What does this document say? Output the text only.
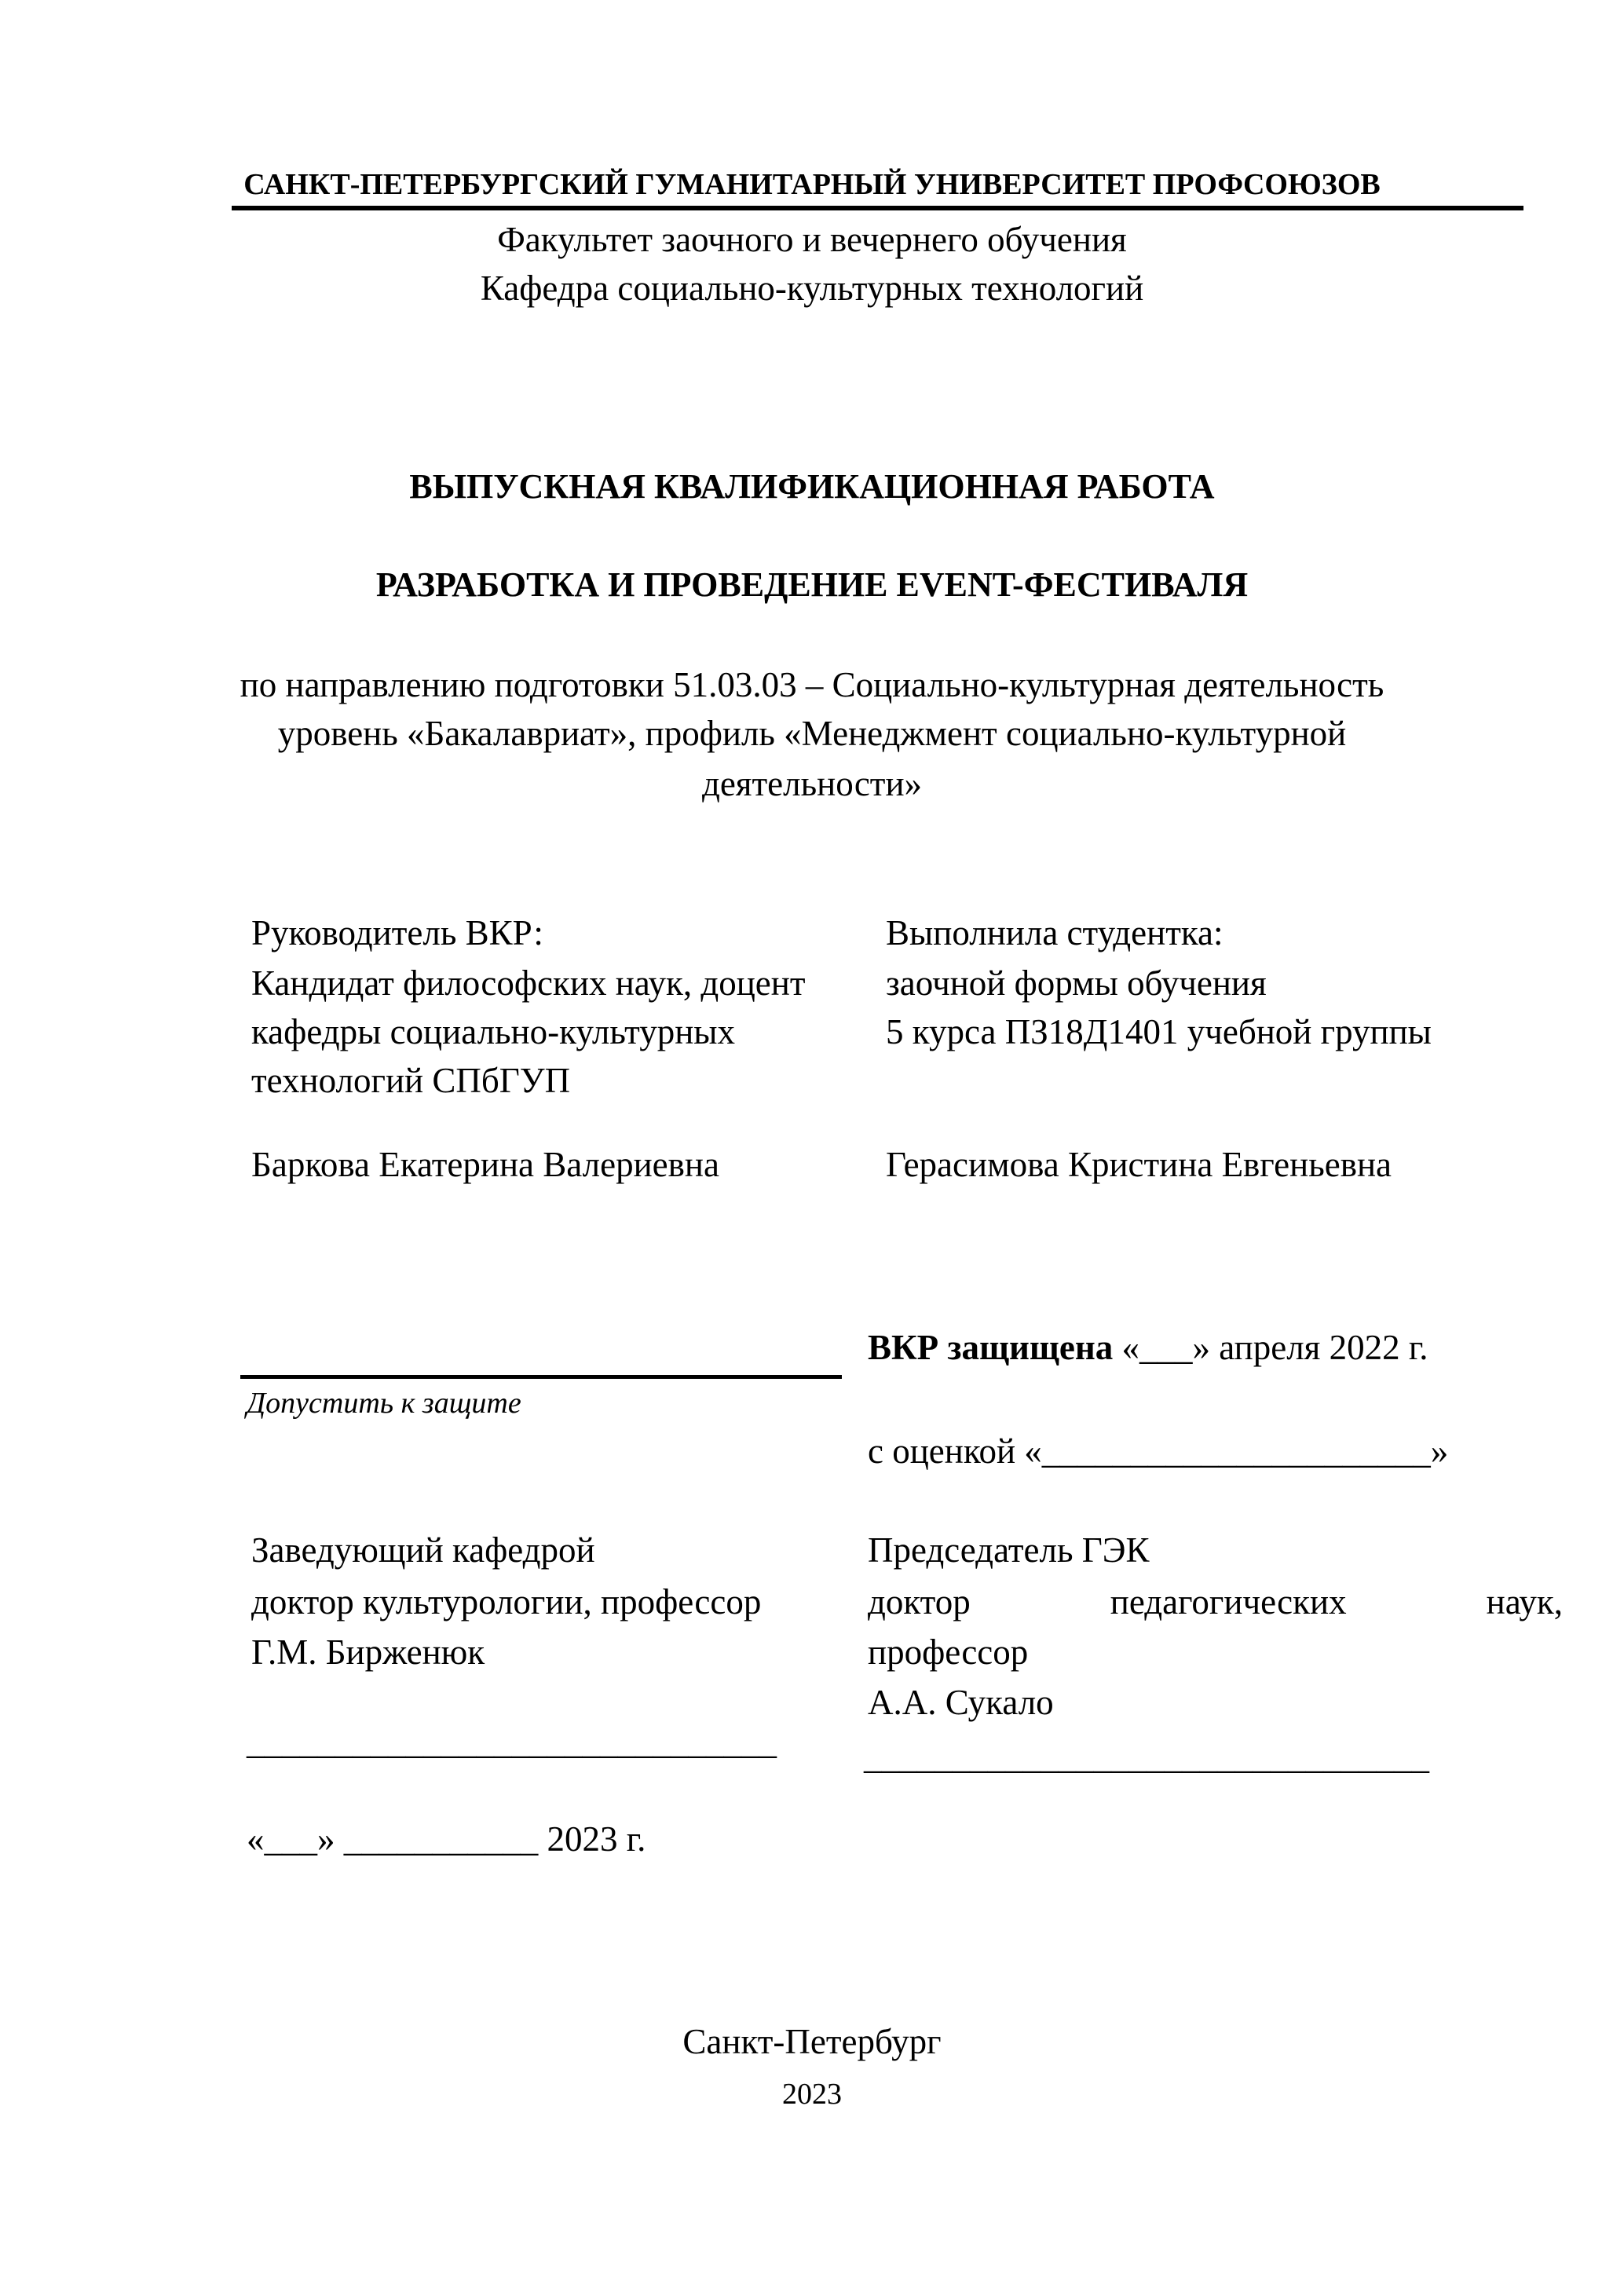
САНКТ-ПЕТЕРБУРГСКИЙ ГУМАНИТАРНЫЙ УНИВЕРСИТЕТ ПРОФСОЮЗОВ
Факультет заочного и вечернего обучения
Кафедра социально-культурных технологий
ВЫПУСКНАЯ КВАЛИФИКАЦИОННАЯ РАБОТА
РАЗРАБОТКА И ПРОВЕДЕНИЕ EVENT-ФЕСТИВАЛЯ
по направлению подготовки 51.03.03 – Социально-культурная деятельность
уровень «Бакалавриат», профиль «Менеджмент социально-культурной
деятельности»
Руководитель ВКР:
Кандидат философских наук, доцент
кафедры социально-культурных
технологий СПбГУП
Баркова Екатерина Валериевна
Выполнила студентка:
заочной формы обучения
5 курса ПЗ18Д1401 учебной группы
Герасимова Кристина Евгеньевна
Допустить к защите
ВКР защищена «___» апреля 2022 г.
с оценкой «______________________»
Заведующий кафедрой
доктор культурологии, профессор
Г.М. Бирженюк
______________________________
Председатель ГЭК
доктор	педагогических	наук,
профессор
А.А. Сукало
________________________________
«___» ___________ 2023 г.
Санкт-Петербург
2023
